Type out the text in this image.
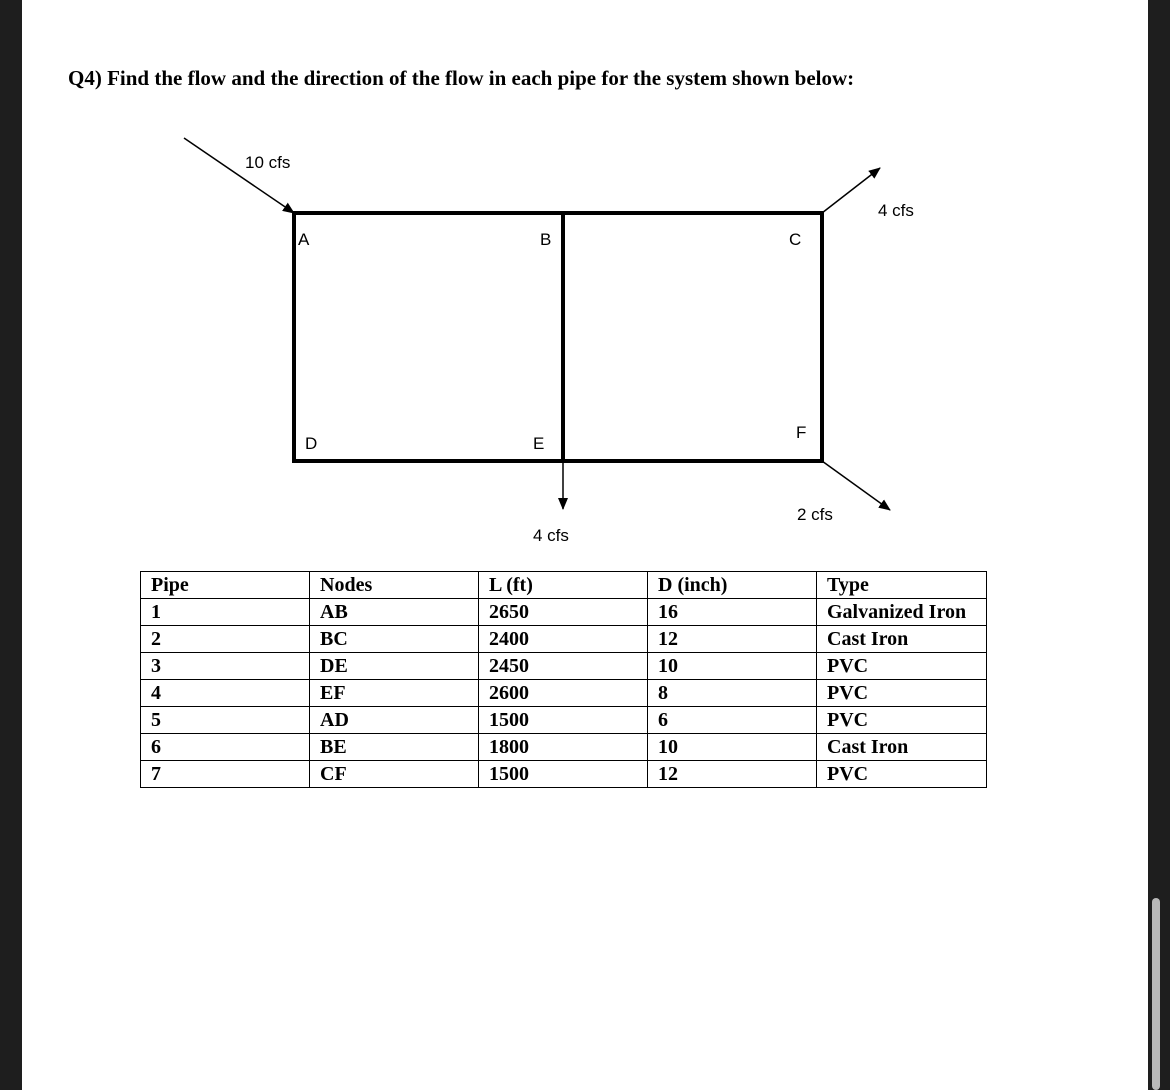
Q4) Find the flow and the direction of the flow in each pipe for the system shown below:
A	B	C
D	E
F
10 cfs
4 cfs
4 cfs
2 cfs
Pipe	Nodes	L (ft)	D (inch)	Type
1	AB	2650	16	Galvanized Iron
2	BC	2400	12	Cast Iron
3	DE	2450	10	PVC
4	EF	2600	8	PVC
5	AD	1500	6	PVC
6	BE	1800	10	Cast Iron
7	CF	1500	12	PVC
